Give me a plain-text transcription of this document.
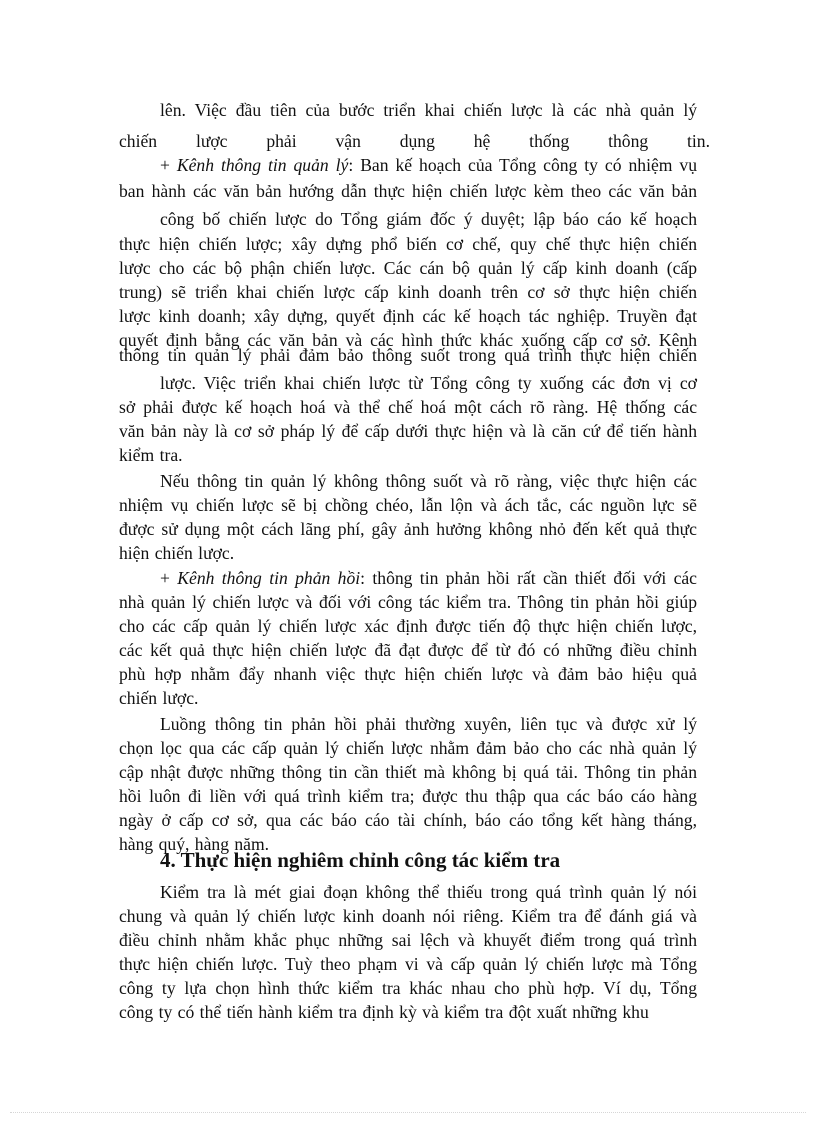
lên. Việc đầu tiên của bước triển khai chiến lược là các nhà quản lý
chiến lược phải vận dụng hệ thống thông tin.
+ Kênh thông tin quản lý: Ban kế hoạch của Tổng công ty có nhiệm vụ
ban hành các văn bản hướng dẫn thực hiện chiến lược kèm theo các văn bản
công bố chiến lược do Tổng giám đốc ý duyệt; lập báo cáo kế hoạch
thực hiện chiến lược; xây dựng phổ biến cơ chế, quy chế thực hiện chiến
lược cho các bộ phận chiến lược. Các cán bộ quản lý cấp kinh doanh (cấp
trung) sẽ triển khai chiến lược cấp kinh doanh trên cơ sở thực hiện chiến
lược kinh doanh; xây dựng, quyết định các kế hoạch tác nghiệp. Truyền đạt
quyết định bằng các văn bản và các hình thức khác xuống cấp cơ sở. Kênh
thông tin quản lý phải đảm bảo thông suốt trong quá trình thực hiện chiến
lược. Việc triển khai chiến lược từ Tổng công ty xuống các đơn vị cơ
sở phải được kế hoạch hoá và thể chế hoá một cách rõ ràng. Hệ thống các
văn bản này là cơ sở pháp lý để cấp dưới thực hiện và là căn cứ để tiến hành
kiểm tra.
Nếu thông tin quản lý không thông suốt và rõ ràng, việc thực hiện các
nhiệm vụ chiến lược sẽ bị chồng chéo, lẫn lộn và ách tắc, các nguồn lực sẽ
được sử dụng một cách lãng phí, gây ảnh hưởng không nhỏ đến kết quả thực
hiện chiến lược.
+ Kênh thông tin phản hồi: thông tin phản hồi rất cần thiết đối với các
nhà quản lý chiến lược và đối với công tác kiểm tra. Thông tin phản hồi giúp
cho các cấp quản lý chiến lược xác định được tiến độ thực hiện chiến lược,
các kết quả thực hiện chiến lược đã đạt được để từ đó có những điều chỉnh
phù hợp nhằm đẩy nhanh việc thực hiện chiến lược và đảm bảo hiệu quả
chiến lược.
Luồng thông tin phản hồi phải thường xuyên, liên tục và được xử lý
chọn lọc qua các cấp quản lý chiến lược nhằm đảm bảo cho các nhà quản lý
cập nhật được những thông tin cần thiết mà không bị quá tải. Thông tin phản
hồi luôn đi liền với quá trình kiểm tra; được thu thập qua các báo cáo hàng
ngày ở cấp cơ sở, qua các báo cáo tài chính, báo cáo tổng kết hàng tháng,
hàng quý, hàng năm.
4. Thực hiện nghiêm chỉnh công tác kiểm tra
Kiểm tra là mét giai đoạn không thể thiếu trong quá trình quản lý nói
chung và quản lý chiến lược kinh doanh nói riêng. Kiểm tra để đánh giá và
điều chỉnh nhằm khắc phục những sai lệch và khuyết điểm trong quá trình
thực hiện chiến lược. Tuỳ theo phạm vi và cấp quản lý chiến lược mà Tổng
công ty lựa chọn hình thức kiểm tra khác nhau cho phù hợp. Ví dụ, Tổng
công ty có thể tiến hành kiểm tra định kỳ và kiểm tra đột xuất những khu
